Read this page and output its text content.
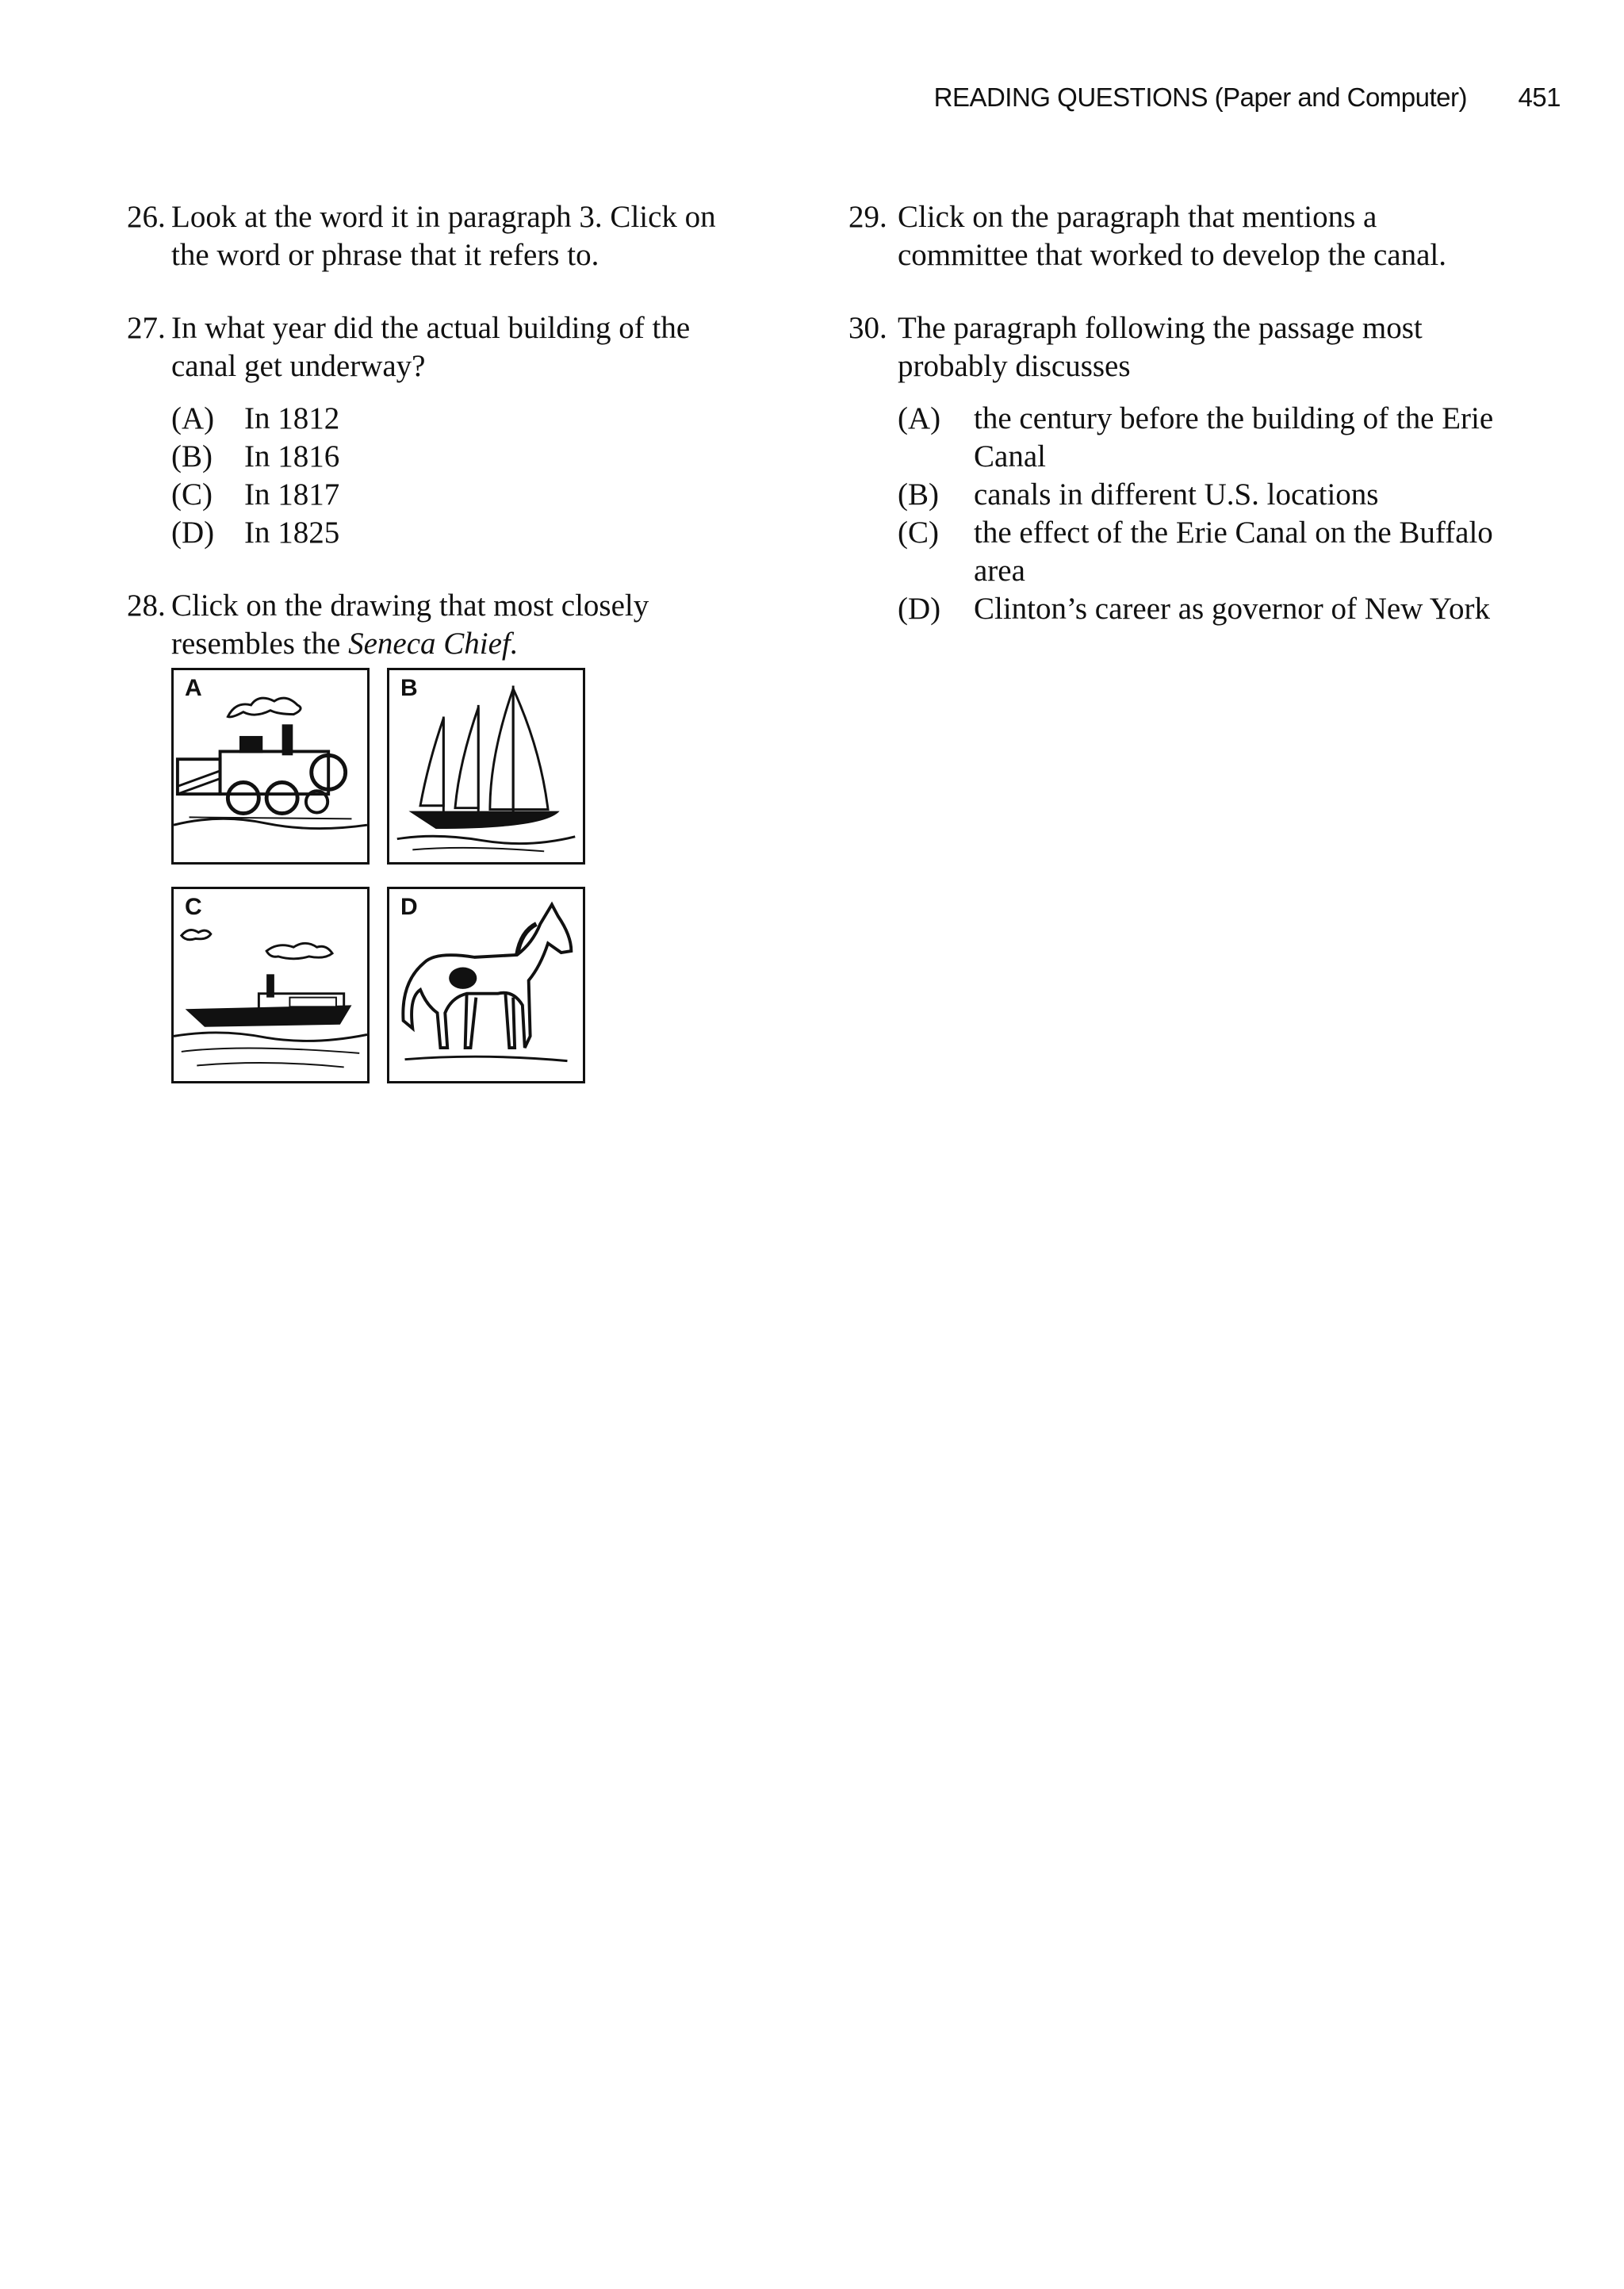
READING QUESTIONS (Paper and Computer) 451
26. Look at the word it in paragraph 3. Click on the word or phrase that it refers to.
27. In what year did the actual building of the canal get underway?
(A) In 1812
(B) In 1816
(C) In 1817
(D) In 1825
28. Click on the drawing that most closely resembles the Seneca Chief.
A	B
C	D
29. Click on the paragraph that mentions a committee that worked to develop the canal.
30. The paragraph following the passage most probably discusses
(A) the century before the building of the Erie Canal
(B) canals in different U.S. locations
(C) the effect of the Erie Canal on the Buffalo area
(D) Clinton’s career as governor of New York
